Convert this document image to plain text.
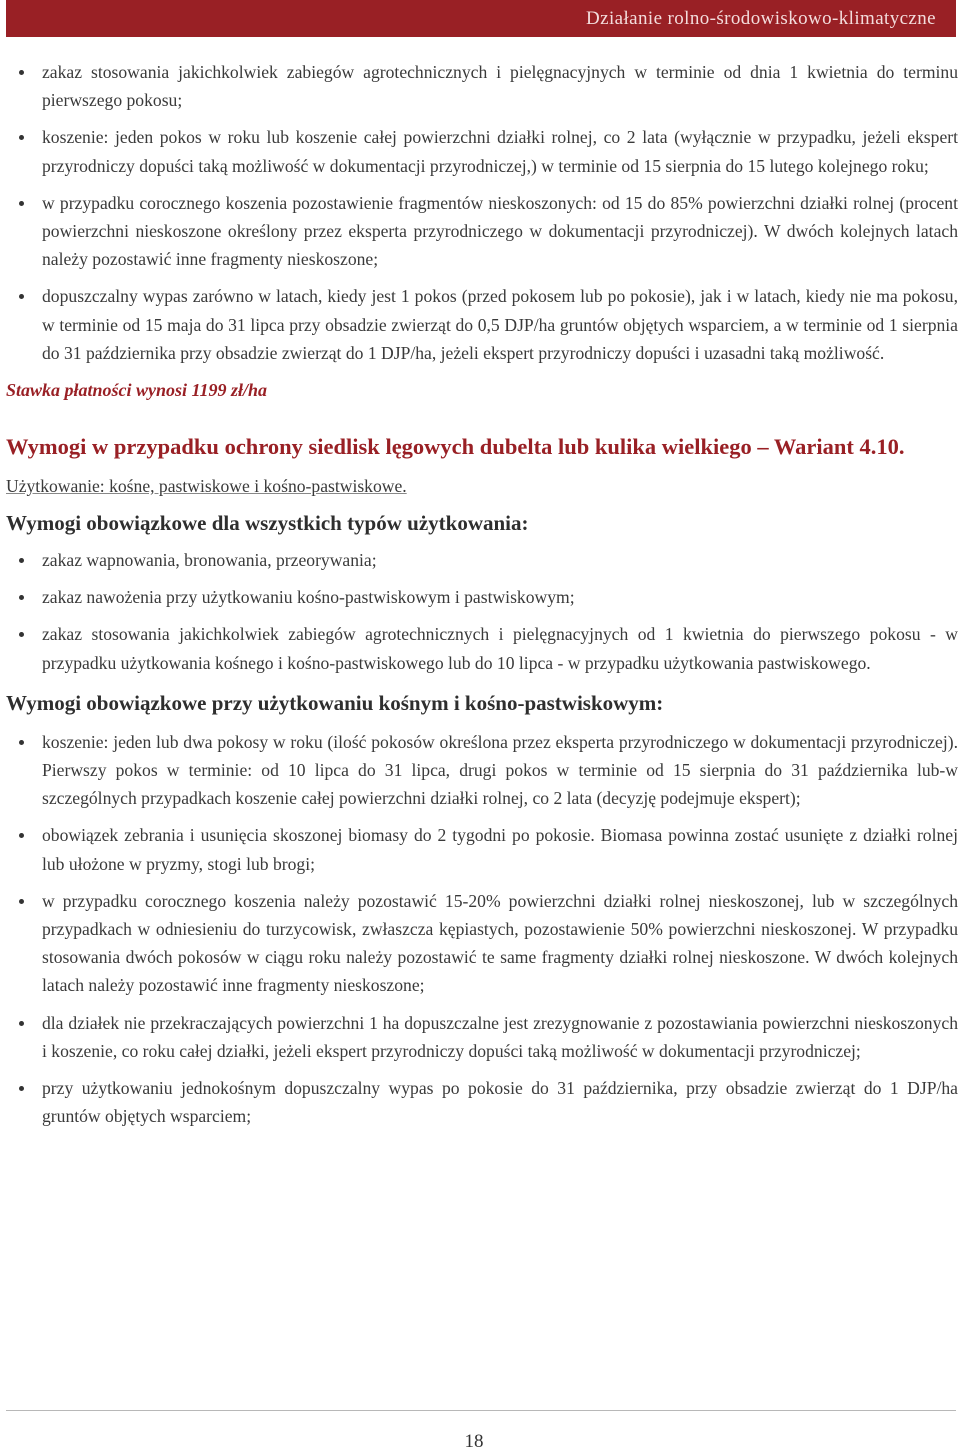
Działanie rolno-środowiskowo-klimatyczne
zakaz stosowania jakichkolwiek zabiegów agrotechnicznych i pielęgnacyjnych w terminie od dnia 1 kwietnia do terminu pierwszego pokosu;
koszenie: jeden pokos w roku lub koszenie całej powierzchni działki rolnej, co 2 lata (wyłącznie w przypadku, jeżeli ekspert przyrodniczy dopuści taką możliwość w dokumentacji przyrodniczej,) w terminie od 15 sierpnia do 15 lutego kolejnego roku;
w przypadku corocznego koszenia pozostawienie fragmentów nieskoszonych: od 15 do 85% powierzchni działki rolnej (procent powierzchni nieskoszone określony przez eksperta przyrodniczego w dokumentacji przyrodniczej). W dwóch kolejnych latach należy pozostawić inne fragmenty nieskoszone;
dopuszczalny wypas zarówno w latach, kiedy jest 1 pokos (przed pokosem lub po pokosie), jak i w latach, kiedy nie ma pokosu, w terminie od 15 maja do 31 lipca przy obsadzie zwierząt do 0,5 DJP/ha gruntów objętych wsparciem, a w terminie od 1 sierpnia do 31 października przy obsadzie zwierząt do 1 DJP/ha, jeżeli ekspert przyrodniczy dopuści i uzasadni taką możliwość.
Stawka płatności wynosi 1199 zł/ha
Wymogi w przypadku ochrony siedlisk lęgowych dubelta lub kulika wielkiego – Wariant 4.10.
Użytkowanie: kośne, pastwiskowe i kośno-pastwiskowe.
Wymogi obowiązkowe dla wszystkich typów użytkowania:
zakaz wapnowania, bronowania, przeorywania;
zakaz nawożenia przy użytkowaniu kośno-pastwiskowym i pastwiskowym;
zakaz stosowania jakichkolwiek zabiegów agrotechnicznych i pielęgnacyjnych od 1 kwietnia do pierwszego pokosu - w przypadku użytkowania kośnego i kośno-pastwiskowego lub do 10 lipca - w przypadku użytkowania pastwiskowego.
Wymogi obowiązkowe przy użytkowaniu kośnym i kośno-pastwiskowym:
koszenie: jeden lub dwa pokosy w roku (ilość pokosów określona przez eksperta przyrodniczego w dokumentacji przyrodniczej). Pierwszy pokos w terminie: od 10 lipca do 31 lipca, drugi pokos w terminie od 15 sierpnia do 31 października lub-w szczególnych przypadkach koszenie całej powierzchni działki rolnej, co 2 lata (decyzję podejmuje ekspert);
obowiązek zebrania i usunięcia skoszonej biomasy do 2 tygodni po pokosie. Biomasa powinna zostać usunięte z działki rolnej lub ułożone w pryzmy, stogi lub brogi;
w przypadku corocznego koszenia należy pozostawić 15-20% powierzchni działki rolnej nieskoszonej, lub w szczególnych przypadkach w odniesieniu do turzycowisk, zwłaszcza kępiastych, pozostawienie 50% powierzchni nieskoszonej. W przypadku stosowania dwóch pokosów w ciągu roku należy pozostawić te same fragmenty działki rolnej nieskoszone. W dwóch kolejnych latach należy pozostawić inne fragmenty nieskoszone;
dla działek nie przekraczających powierzchni 1 ha dopuszczalne jest zrezygnowanie z pozostawiania powierzchni nieskoszonych i koszenie, co roku całej działki, jeżeli ekspert przyrodniczy dopuści taką możliwość w dokumentacji przyrodniczej;
przy użytkowaniu jednokośnym dopuszczalny wypas po pokosie do 31 października, przy obsadzie zwierząt do 1 DJP/ha gruntów objętych wsparciem;
18
